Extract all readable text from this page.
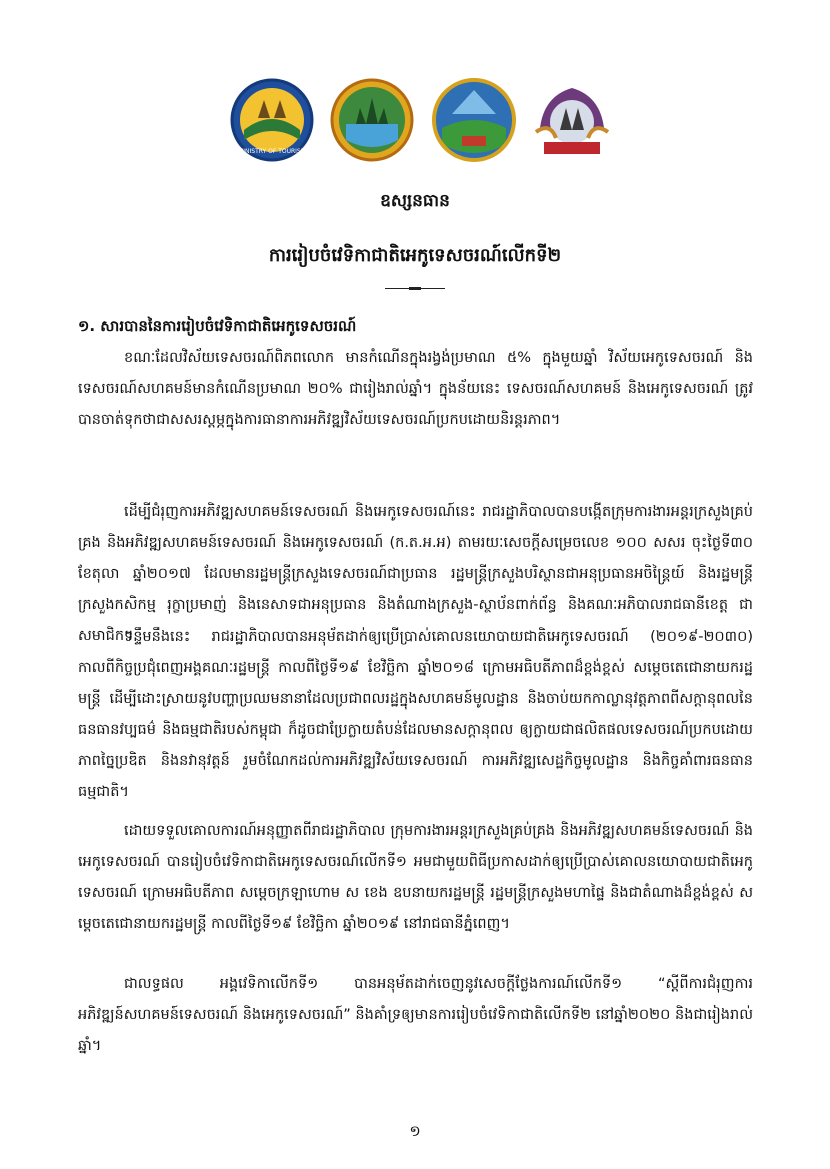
MINISTRY OF TOURISM
ឧស្សនធាន
ការរៀបចំវេទិកាជាតិអេកូទេសចរណ៍លើកទី២
១. សារបាននៃការរៀបចំវេទិកាជាតិអេកូទេសចរណ៍

ខណៈដែលវិស័យទេសចរណ៍ពិភពលោក មានកំណើនក្នុងរង្វង់ប្រមាណ ៥% ក្នុងមួយឆ្នាំ វិស័យអេកូទេសចរណ៍ និងទេសចរណ៍សហគមន៍មានកំណើនប្រមាណ ២០% ជារៀងរាល់ឆ្នាំ។ ក្នុងន័យនេះ ទេសចរណ៍សហគមន៍ និងអេកូទេសចរណ៍ ត្រូវបានចាត់ទុកថាជាសសរស្តម្ភក្នុងការធានាការអភិវឌ្ឍវិស័យទេសចរណ៍ប្រកបដោយនិរន្តរភាព។

ដើម្បីជំរុញការអភិវឌ្ឍសហគមន៍ទេសចរណ៍ និងអេកូទេសចរណ៍នេះ រាជរដ្ឋាភិបាលបានបង្កើតក្រុមការងារអន្តរក្រសួងគ្រប់គ្រង និងអភិវឌ្ឍសហគមន៍ទេសចរណ៍ និងអេកូទេសចរណ៍ (ក.ត.អ.អ) តាមរយៈសេចក្តីសម្រេចលេខ ១០០ សសរ ចុះថ្ងៃទី៣០ ខែតុលា ឆ្នាំ២០១៧ ដែលមានរដ្ឋមន្ត្រីក្រសួងទេសចរណ៍ជាប្រធាន រដ្ឋមន្ត្រីក្រសួងបរិស្ថានជាអនុប្រធានអចិន្ត្រៃយ៍ និងរដ្ឋមន្ត្រីក្រសួងកសិកម្ម រុក្ខាប្រមាញ់ និងនេសាទជាអនុប្រធាន និងតំណាងក្រសួង-ស្ថាប័នពាក់ព័ន្ធ និងគណៈអភិបាលរាជធានីខេត្ត ជាសមាជិក។

ទន្ទឹមនឹងនេះ រាជរដ្ឋាភិបាលបានអនុម័តដាក់ឲ្យប្រើប្រាស់គោលនយោបាយជាតិអេកូទេសចរណ៍ (២០១៩-២០៣០) កាលពីកិច្ចប្រជុំពេញអង្គគណៈរដ្ឋមន្ត្រី កាលពីថ្ងៃទី១៩ ខែវិច្ឆិកា ឆ្នាំ២០១៨ ក្រោមអធិបតីភាពដ៏ខ្ពង់ខ្ពស់ សម្តេចតេជោនាយករដ្ឋមន្ត្រី ដើម្បីដោះស្រាយនូវបញ្ហាប្រឈមនានាដែលប្រជាពលរដ្ឋក្នុងសហគមន៍មូលដ្ឋាន និងចាប់យកកាល្លានុវត្តភាពពីសក្តានុពលនៃធនធានវប្បធម៌ និងធម្មជាតិរបស់កម្ពុជា ក៏ដូចជាប្រែក្លាយតំបន់ដែលមានសក្តានុពល ឲ្យក្លាយជាផលិតផលទេសចរណ៍ប្រកបដោយភាពច្នៃប្រឌិត និងនវានុវត្តន៍ រួមចំណែកដល់ការអភិវឌ្ឍវិស័យទេសចរណ៍ ការអភិវឌ្ឍសេដ្ឋកិច្ចមូលដ្ឋាន និងកិច្ចគាំពារធនធានធម្មជាតិ។

ដោយទទួលគោលការណ៍អនុញ្ញាតពីរាជរដ្ឋាភិបាល ក្រុមការងារអន្តរក្រសួងគ្រប់គ្រង និងអភិវឌ្ឍសហគមន៍ទេសចរណ៍ និងអេកូទេសចរណ៍ បានរៀបចំវេទិកាជាតិអេកូទេសចរណ៍លើកទី១ អមជាមួយពិធីប្រកាសដាក់ឲ្យប្រើប្រាស់គោលនយោបាយជាតិអេកូទេសចរណ៍ ក្រោមអធិបតីភាព សម្តេចក្រឡាហោម ស ខេង ឧបនាយករដ្ឋមន្ត្រី រដ្ឋមន្ត្រីក្រសួងមហាផ្ទៃ និងជាតំណាងដ៏ខ្ពង់ខ្ពស់ សម្តេចតេជោនាយករដ្ឋមន្ត្រី កាលពីថ្ងៃទី១៩ ខែវិច្ឆិកា ឆ្នាំ២០១៩ នៅរាជធានីភ្នំពេញ។

ជាលទ្ធផល អង្គវេទិកាលើកទី១ បានអនុម័តដាក់ចេញនូវសេចក្តីថ្លែងការណ៍លើកទី១ “ស្តីពីការជំរុញការអភិវឌ្ឍន៍សហគមន៍ទេសចរណ៍ និងអេកូទេសចរណ៍” និងគាំទ្រឲ្យមានការរៀបចំវេទិកាជាតិលើកទី២ នៅឆ្នាំ២០២០ និងជារៀងរាល់ឆ្នាំ។

១
